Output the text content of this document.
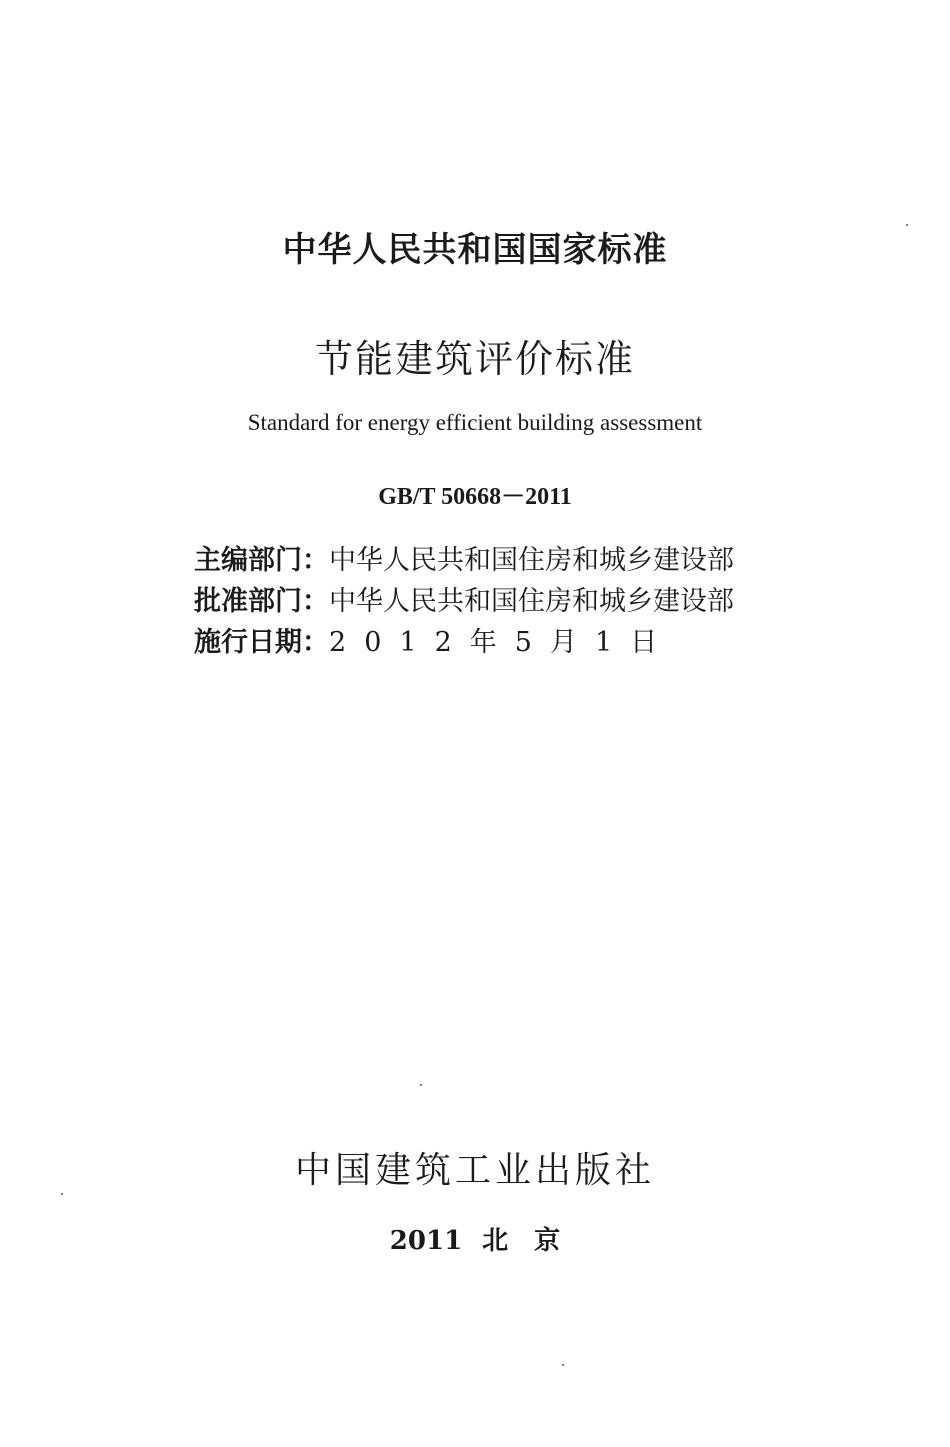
中华人民共和国国家标准
节能建筑评价标准
Standard for energy efficient building assessment
GB/T 50668－2011
主编部门：中华人民共和国住房和城乡建设部
批准部门：中华人民共和国住房和城乡建设部
施行日期：2 0 1 2 年 5 月 1 日
中国建筑工业出版社
2011 北　京
